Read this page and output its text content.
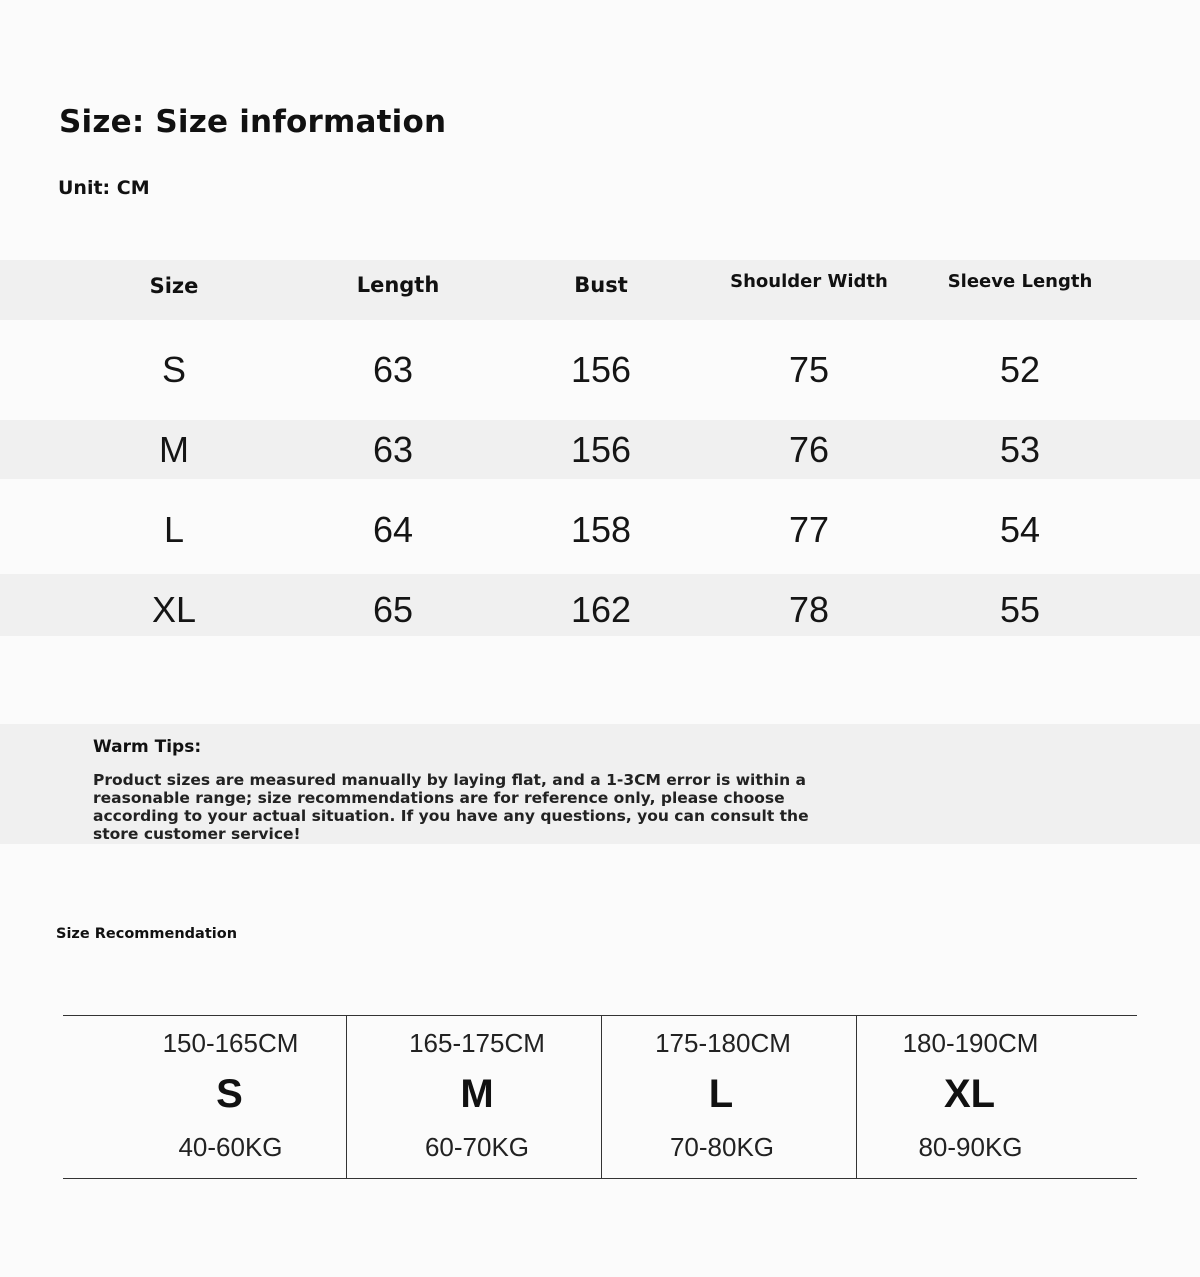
Size: Size information
Unit: CM
Size	Length	Bust	Shoulder Width	Sleeve Length
S	63	156	75	52
M	63	156	76	53
L	64	158	77	54
XL	65	162	78	55
Warm Tips:
Product sizes are measured manually by laying flat, and a 1-3CM error is within a reasonable range; size recommendations are for reference only, please choose according to your actual situation. If you have any questions, you can consult the store customer service!
Size Recommendation
150-165CM
S
40-60KG
165-175CM
M
60-70KG
175-180CM
L
70-80KG
180-190CM
XL
80-90KG
